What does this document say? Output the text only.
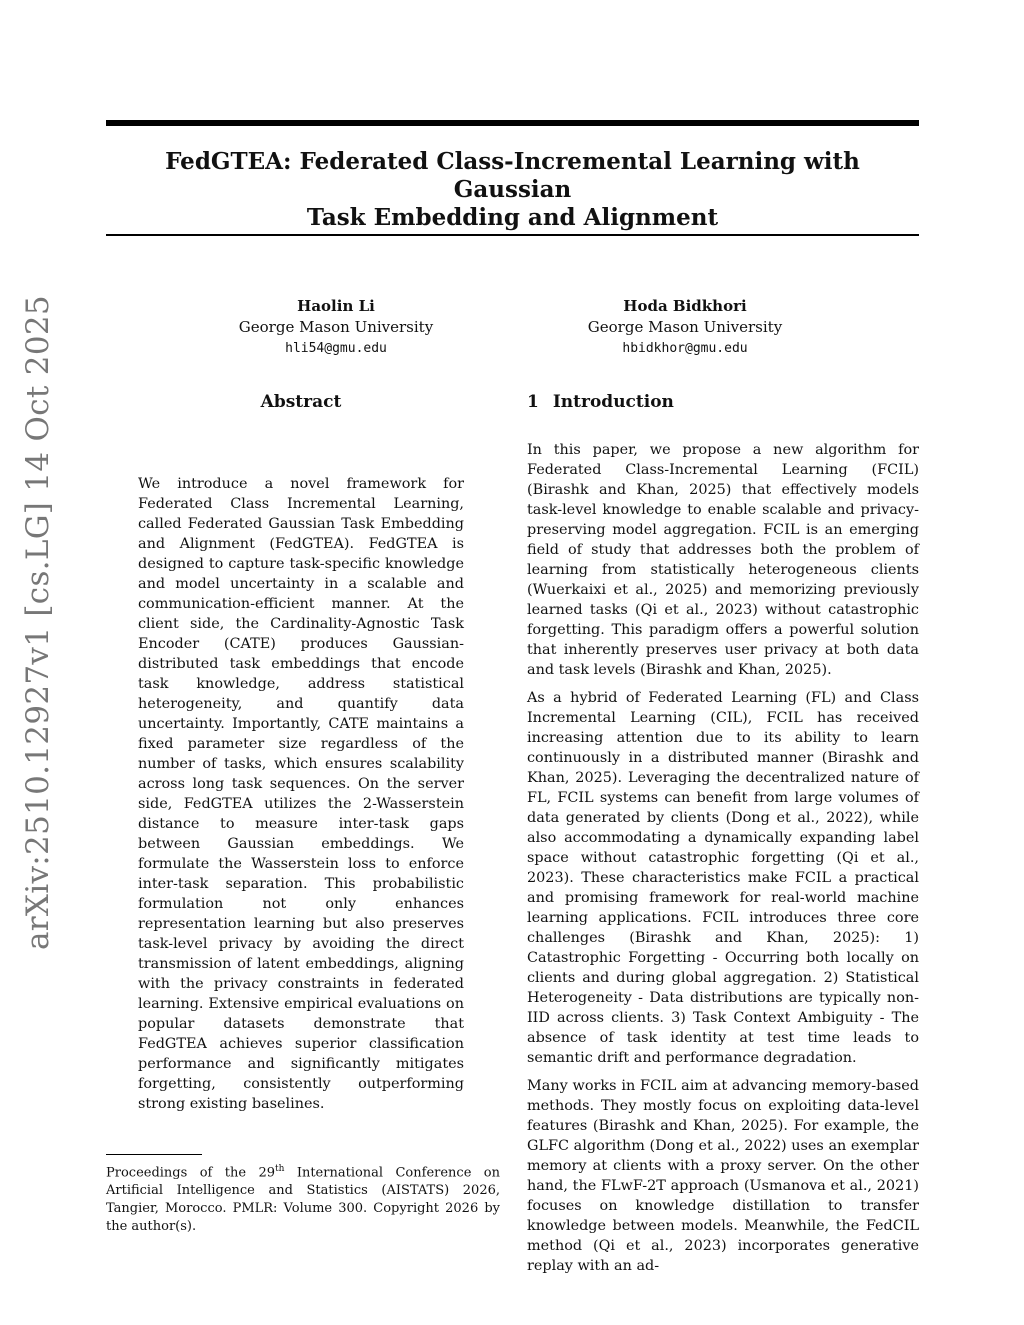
FedGTEA: Federated Class-Incremental Learning with Gaussian
Task Embedding and Alignment
Haolin Li
George Mason University
hli54@gmu.edu
Hoda Bidkhori
George Mason University
hbidkhor@gmu.edu
arXiv:2510.12927v1 [cs.LG] 14 Oct 2025	Abstract

We introduce a novel framework for Federated Class Incremental Learning, called Federated Gaussian Task Embedding and Alignment (FedGTEA). FedGTEA is designed to capture task-specific knowledge and model uncertainty in a scalable and communication-efficient manner. At the client side, the Cardinality-Agnostic Task Encoder (CATE) produces Gaussian-distributed task embeddings that encode task knowledge, address statistical heterogeneity, and quantify data uncertainty. Importantly, CATE maintains a fixed parameter size regardless of the number of tasks, which ensures scalability across long task sequences. On the server side, FedGTEA utilizes the 2-Wasserstein distance to measure inter-task gaps between Gaussian embeddings. We formulate the Wasserstein loss to enforce inter-task separation. This probabilistic formulation not only enhances representation learning but also preserves task-level privacy by avoiding the direct transmission of latent embeddings, aligning with the privacy constraints in federated learning. Extensive empirical evaluations on popular datasets demonstrate that FedGTEA achieves superior classification performance and significantly mitigates forgetting, consistently outperforming strong existing baselines.

1 Introduction

In this paper, we propose a new algorithm for Federated Class-Incremental Learning (FCIL) (Birashk and Khan, 2025) that effectively models task-level knowledge to enable scalable and privacy-preserving model aggregation. FCIL is an emerging field of study that addresses both the problem of learning from statistically heterogeneous clients (Wuerkaixi et al., 2025) and memorizing previously learned tasks (Qi et al., 2023) without catastrophic forgetting. This paradigm offers a powerful solution that inherently preserves user privacy at both data and task levels (Birashk and Khan, 2025).

As a hybrid of Federated Learning (FL) and Class Incremental Learning (CIL), FCIL has received increasing attention due to its ability to learn continuously in a distributed manner (Birashk and Khan, 2025). Leveraging the decentralized nature of FL, FCIL systems can benefit from large volumes of data generated by clients (Dong et al., 2022), while also accommodating a dynamically expanding label space without catastrophic forgetting (Qi et al., 2023). These characteristics make FCIL a practical and promising framework for real-world machine learning applications. FCIL introduces three core challenges (Birashk and Khan, 2025): 1) Catastrophic Forgetting - Occurring both locally on clients and during global aggregation. 2) Statistical Heterogeneity - Data distributions are typically non-IID across clients. 3) Task Context Ambiguity - The absence of task identity at test time leads to semantic drift and performance degradation.

Many works in FCIL aim at advancing memory-based methods. They mostly focus on exploiting data-level features (Birashk and Khan, 2025). For example, the GLFC algorithm (Dong et al., 2022) uses an exemplar memory at clients with a proxy server. On the other hand, the FLwF-2T approach (Usmanova et al., 2021) focuses on knowledge distillation to transfer knowledge between models. Meanwhile, the FedCIL method (Qi et al., 2023) incorporates generative replay with an ad-

Proceedings of the 29th International Conference on Artificial Intelligence and Statistics (AISTATS) 2026, Tangier, Morocco. PMLR: Volume 300. Copyright 2026 by the author(s).
